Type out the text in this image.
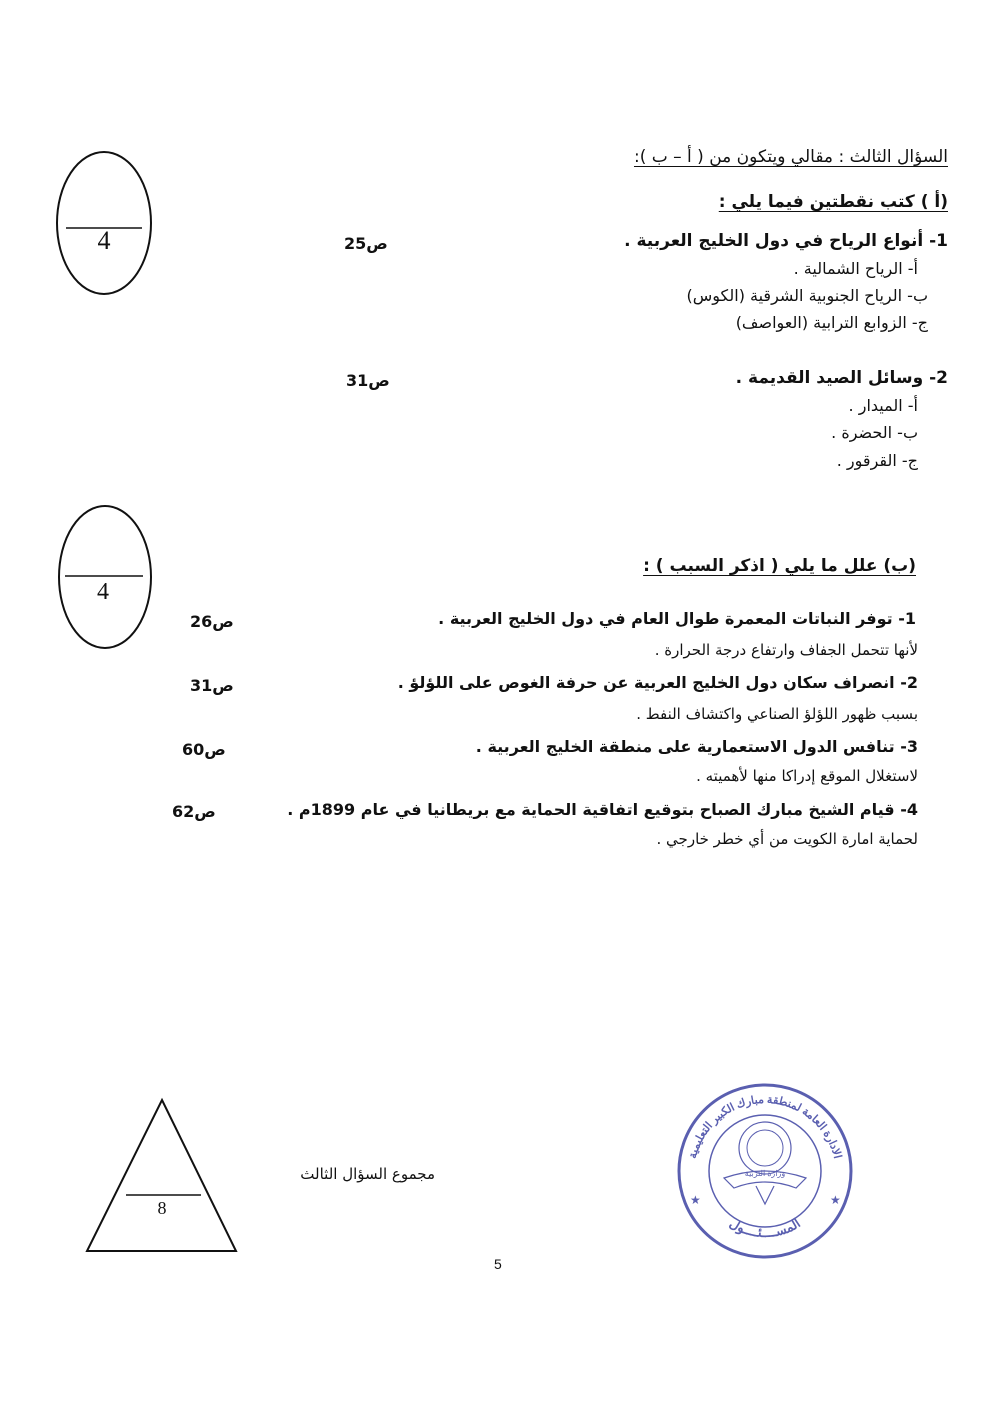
السؤال الثالث : مقالي ويتكون من ( أ – ب ):
(أ ) كتب نقطتين فيما يلي :
1- أنواع الرياح في دول الخليج العربية .
ص25
أ- الرياح الشمالية .
ب- الرياح الجنوبية الشرقية (الكوس)
ج- الزوابع الترابية (العواصف)
2- وسائل الصيد القديمة .
ص31
أ- الميدار .
ب- الحضرة .
ج- القرقور .
4
(ب) علل ما يلي ( اذكر السبب ) :
1- توفر النباتات المعمرة طوال العام في دول الخليج العربية .
ص26
لأنها تتحمل الجفاف وارتفاع درجة الحرارة .
2- انصراف سكان دول الخليج العربية عن حرفة الغوص على اللؤلؤ .
ص31
بسبب ظهور اللؤلؤ الصناعي واكتشاف النفط .
3- تنافس الدول الاستعمارية على منطقة الخليج العربية .
ص60
لاستغلال الموقع إدراكا منها لأهميته .
4- قيام الشيخ مبارك الصباح بتوقيع اتفاقية الحماية مع بريطانيا في عام 1899م .
ص62
لحماية امارة الكويت من أي خطر خارجي .
4
8
مجموع السؤال الثالث
★	★
الادارة العامة لمنطقة مبارك الكبير التعليمية
وزارة التربية
المســــئــــول
5
